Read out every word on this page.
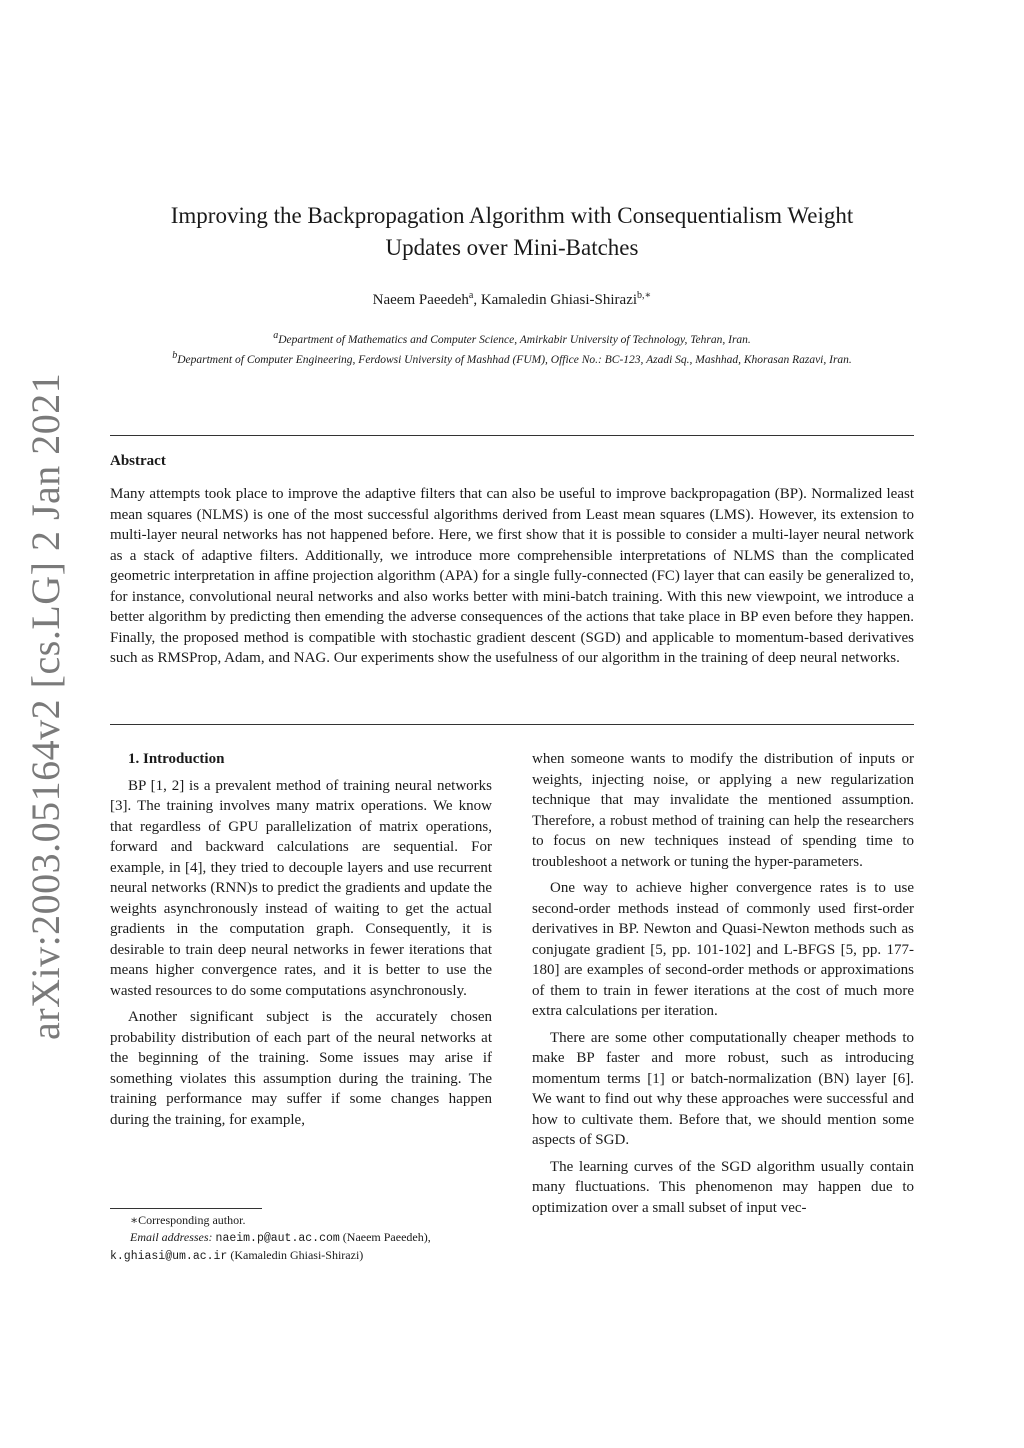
arXiv:2003.05164v2 [cs.LG] 2 Jan 2021
Improving the Backpropagation Algorithm with Consequentialism Weight
Updates over Mini-Batches
Naeem Paeedeh$^a$, Kamaledin Ghiasi-Shirazi$^{b,∗}$
$^a$Department of Mathematics and Computer Science, Amirkabir University of Technology, Tehran, Iran.
$^b$Department of Computer Engineering, Ferdowsi University of Mashhad (FUM), Office No.: BC-123, Azadi Sq., Mashhad, Khorasan Razavi, Iran.
Abstract
Many attempts took place to improve the adaptive filters that can also be useful to improve backpropagation (BP). Normalized least mean squares (NLMS) is one of the most successful algorithms derived from Least mean squares (LMS). However, its extension to multi-layer neural networks has not happened before. Here, we first show that it is possible to consider a multi-layer neural network as a stack of adaptive filters. Additionally, we introduce more comprehensible interpretations of NLMS than the complicated geometric interpretation in affine projection algorithm (APA) for a single fully-connected (FC) layer that can easily be generalized to, for instance, convolutional neural networks and also works better with mini-batch training. With this new viewpoint, we introduce a better algorithm by predicting then emending the adverse consequences of the actions that take place in BP even before they happen. Finally, the proposed method is compatible with stochastic gradient descent (SGD) and applicable to momentum-based derivatives such as RMSProp, Adam, and NAG. Our experiments show the usefulness of our algorithm in the training of deep neural networks.

1. Introduction

BP [1, 2] is a prevalent method of training neural networks [3]. The training involves many matrix operations. We know that regardless of GPU parallelization of matrix operations, forward and backward calculations are sequential. For example, in [4], they tried to decouple layers and use recurrent neural networks (RNN)s to predict the gradients and update the weights asynchronously instead of waiting to get the actual gradients in the computation graph. Consequently, it is desirable to train deep neural networks in fewer iterations that means higher convergence rates, and it is better to use the wasted resources to do some computations asynchronously.

Another significant subject is the accurately chosen probability distribution of each part of the neural networks at the beginning of the training. Some issues may arise if something violates this assumption during the training. The training performance may suffer if some changes happen during the training, for example,

when someone wants to modify the distribution of inputs or weights, injecting noise, or applying a new regularization technique that may invalidate the mentioned assumption. Therefore, a robust method of training can help the researchers to focus on new techniques instead of spending time to troubleshoot a network or tuning the hyper-parameters.

One way to achieve higher convergence rates is to use second-order methods instead of commonly used first-order derivatives in BP. Newton and Quasi-Newton methods such as conjugate gradient [5, pp. 101-102] and L-BFGS [5, pp. 177-180] are examples of second-order methods or approximations of them to train in fewer iterations at the cost of much more extra calculations per iteration.

There are some other computationally cheaper methods to make BP faster and more robust, such as introducing momentum terms [1] or batch-normalization (BN) layer [6]. We want to find out why these approaches were successful and how to cultivate them. Before that, we should mention some aspects of SGD.

The learning curves of the SGD algorithm usually contain many fluctuations. This phenomenon may happen due to optimization over a small subset of input vec-

∗Corresponding author.
Email addresses: naeim.p@aut.ac.com (Naeem Paeedeh),
k.ghiasi@um.ac.ir (Kamaledin Ghiasi-Shirazi)
